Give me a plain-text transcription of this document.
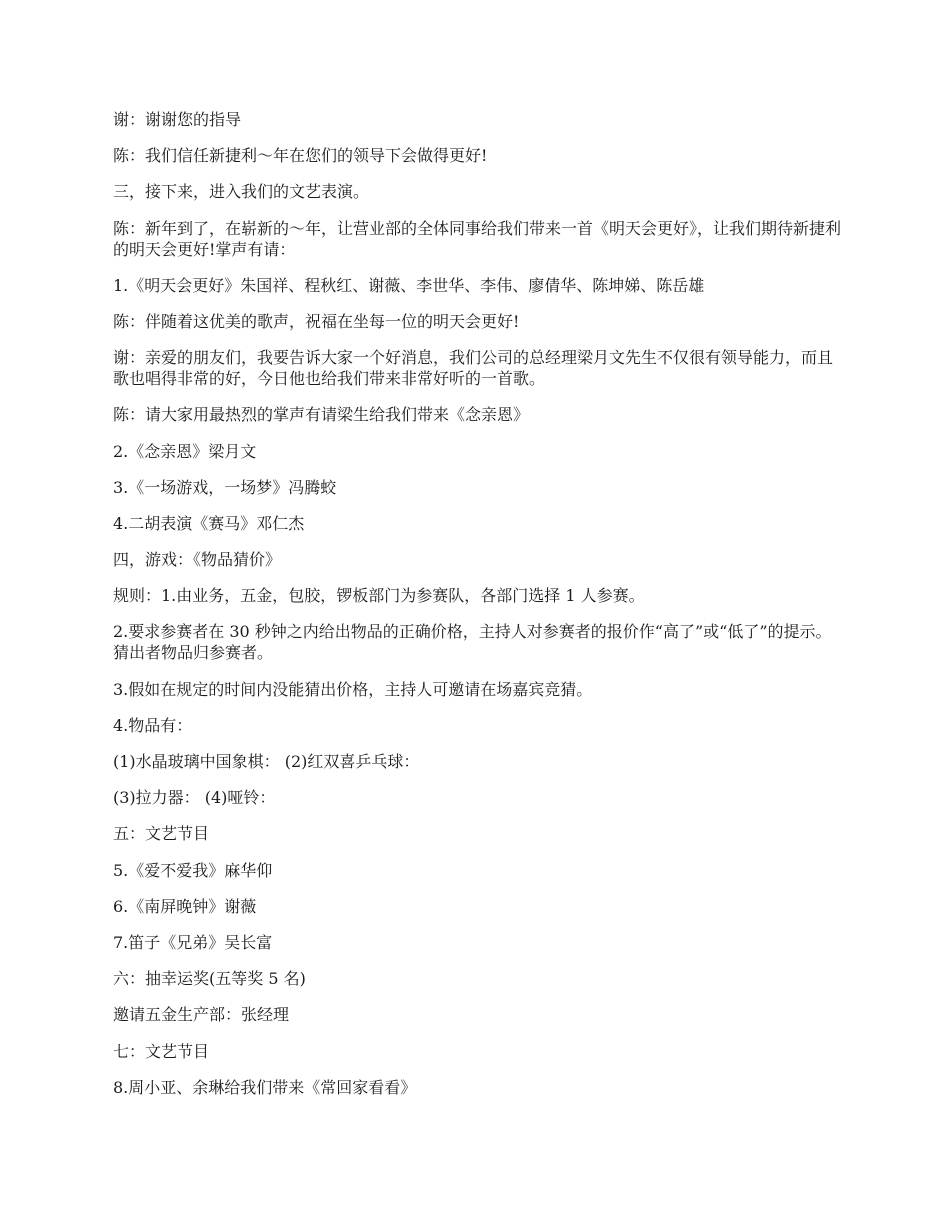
谢：谢谢您的指导

陈：我们信任新捷利～年在您们的领导下会做得更好!

三，接下来，进入我们的文艺表演。

陈：新年到了，在崭新的～年，让营业部的全体同事给我们带来一首《明天会更好》，让我们期待新捷利的明天会更好!掌声有请：

1.《明天会更好》朱国祥、程秋红、谢薇、李世华、李伟、廖倩华、陈坤娣、陈岳雄

陈：伴随着这优美的歌声，祝福在坐每一位的明天会更好!

谢：亲爱的朋友们，我要告诉大家一个好消息，我们公司的总经理梁月文先生不仅很有领导能力，而且歌也唱得非常的好，今日他也给我们带来非常好听的一首歌。

陈：请大家用最热烈的掌声有请梁生给我们带来《念亲恩》

2.《念亲恩》梁月文

3.《一场游戏，一场梦》冯腾蛟

4.二胡表演《赛马》邓仁杰

四，游戏：《物品猜价》

规则：1.由业务，五金，包胶，锣板部门为参赛队，各部门选择 1 人参赛。

2.要求参赛者在 30 秒钟之内给出物品的正确价格，主持人对参赛者的报价作“高了”或“低了”的提示。猜出者物品归参赛者。

3.假如在规定的时间内没能猜出价格，主持人可邀请在场嘉宾竞猜。

4.物品有：

(1)水晶玻璃中国象棋： (2)红双喜乒乓球：

(3)拉力器： (4)哑铃：

五：文艺节目

5.《爱不爱我》麻华仰

6.《南屏晚钟》谢薇

7.笛子《兄弟》吴长富

六：抽幸运奖(五等奖 5 名)

邀请五金生产部：张经理

七：文艺节目

8.周小亚、余琳给我们带来《常回家看看》
